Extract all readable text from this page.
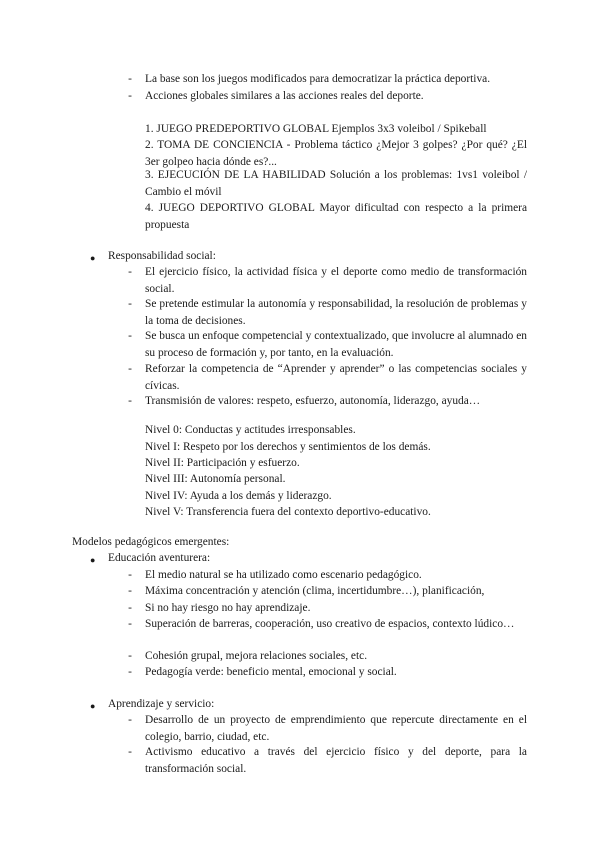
- La base son los juegos modificados para democratizar la práctica deportiva.
- Acciones globales similares a las acciones reales del deporte.
1. JUEGO PREDEPORTIVO GLOBAL Ejemplos 3x3 voleibol / Spikeball
2. TOMA DE CONCIENCIA - Problema táctico ¿Mejor 3 golpes? ¿Por qué? ¿El 3er golpeo hacia dónde es?...
3. EJECUCIÓN DE LA HABILIDAD Solución a los problemas: 1vs1 voleibol / Cambio el móvil
4. JUEGO DEPORTIVO GLOBAL Mayor dificultad con respecto a la primera propuesta
● Responsabilidad social:
- El ejercicio físico, la actividad física y el deporte como medio de transformación social.
- Se pretende estimular la autonomía y responsabilidad, la resolución de problemas y la toma de decisiones.
- Se busca un enfoque competencial y contextualizado, que involucre al alumnado en su proceso de formación y, por tanto, en la evaluación.
- Reforzar la competencia de “Aprender y aprender” o las competencias sociales y cívicas.
- Transmisión de valores: respeto, esfuerzo, autonomía, liderazgo, ayuda…
Nivel 0: Conductas y actitudes irresponsables.
Nivel I: Respeto por los derechos y sentimientos de los demás.
Nivel II: Participación y esfuerzo.
Nivel III: Autonomía personal.
Nivel IV: Ayuda a los demás y liderazgo.
Nivel V: Transferencia fuera del contexto deportivo-educativo.
Modelos pedagógicos emergentes:
● Educación aventurera:
- El medio natural se ha utilizado como escenario pedagógico.
- Máxima concentración y atención (clima, incertidumbre…), planificación,
- Si no hay riesgo no hay aprendizaje.
- Superación de barreras, cooperación, uso creativo de espacios, contexto lúdico…
- Cohesión grupal, mejora relaciones sociales, etc.
- Pedagogía verde: beneficio mental, emocional y social.
● Aprendizaje y servicio:
- Desarrollo de un proyecto de emprendimiento que repercute directamente en el colegio, barrio, ciudad, etc.
- Activismo educativo a través del ejercicio físico y del deporte, para la transformación social.
